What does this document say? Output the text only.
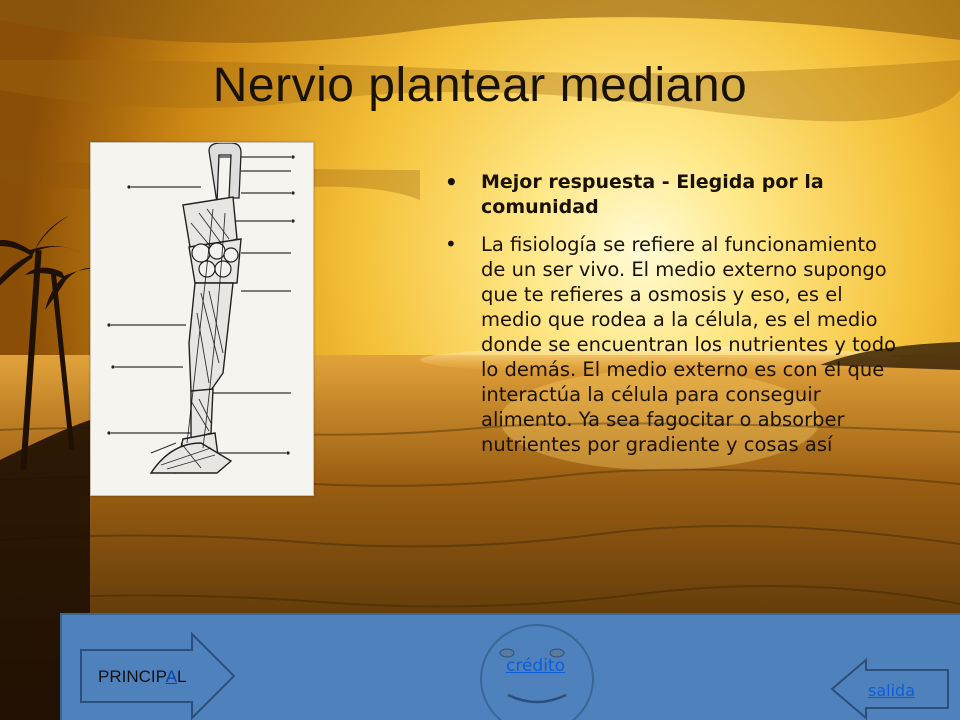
Nervio plantear mediano
• Mejor respuesta - Elegida por la comunidad
• La fisiología se refiere al funcionamiento de un ser vivo. El medio externo supongo que te refieres a osmosis y eso, es el medio que rodea a la célula, es el medio donde se encuentran los nutrientes y todo lo demás. El medio externo es con el que interactúa la célula para conseguir alimento. Ya sea fagocitar o absorber nutrientes por gradiente y cosas así
PRINCIPAL
crédito
salida
